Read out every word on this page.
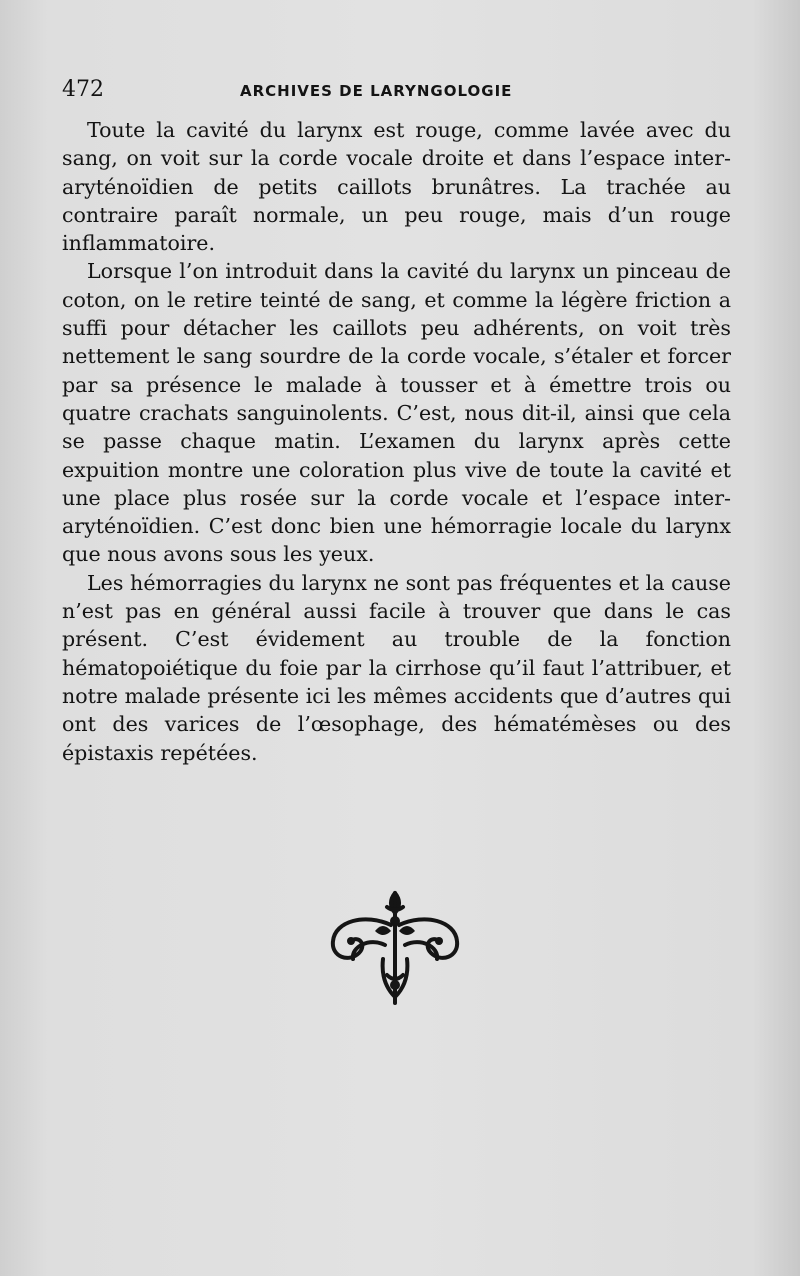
472	ARCHIVES DE LARYNGOLOGIE

Toute la cavité du larynx est rouge, comme lavée avec du sang, on voit sur la corde vocale droite et dans l’espace inter-aryténoïdien de petits caillots brunâtres. La trachée au contraire paraît normale, un peu rouge, mais d’un rouge inflammatoire.

Lorsque l’on introduit dans la cavité du larynx un pinceau de coton, on le retire teinté de sang, et comme la légère friction a suffi pour détacher les caillots peu adhérents, on voit très nettement le sang sourdre de la corde vocale, s’étaler et forcer par sa présence le malade à tousser et à émettre trois ou quatre crachats sanguinolents. C’est, nous dit-il, ainsi que cela se passe chaque matin. L’examen du larynx après cette expuition montre une coloration plus vive de toute la cavité et une place plus rosée sur la corde vocale et l’espace inter-aryténoïdien. C’est donc bien une hémorragie locale du larynx que nous avons sous les yeux.

Les hémorragies du larynx ne sont pas fréquentes et la cause n’est pas en général aussi facile à trouver que dans le cas présent. C’est évidement au trouble de la fonction hématopoiétique du foie par la cirrhose qu’il faut l’attribuer, et notre malade présente ici les mêmes accidents que d’autres qui ont des varices de l’œsophage, des hématémèses ou des épistaxis repétées.
